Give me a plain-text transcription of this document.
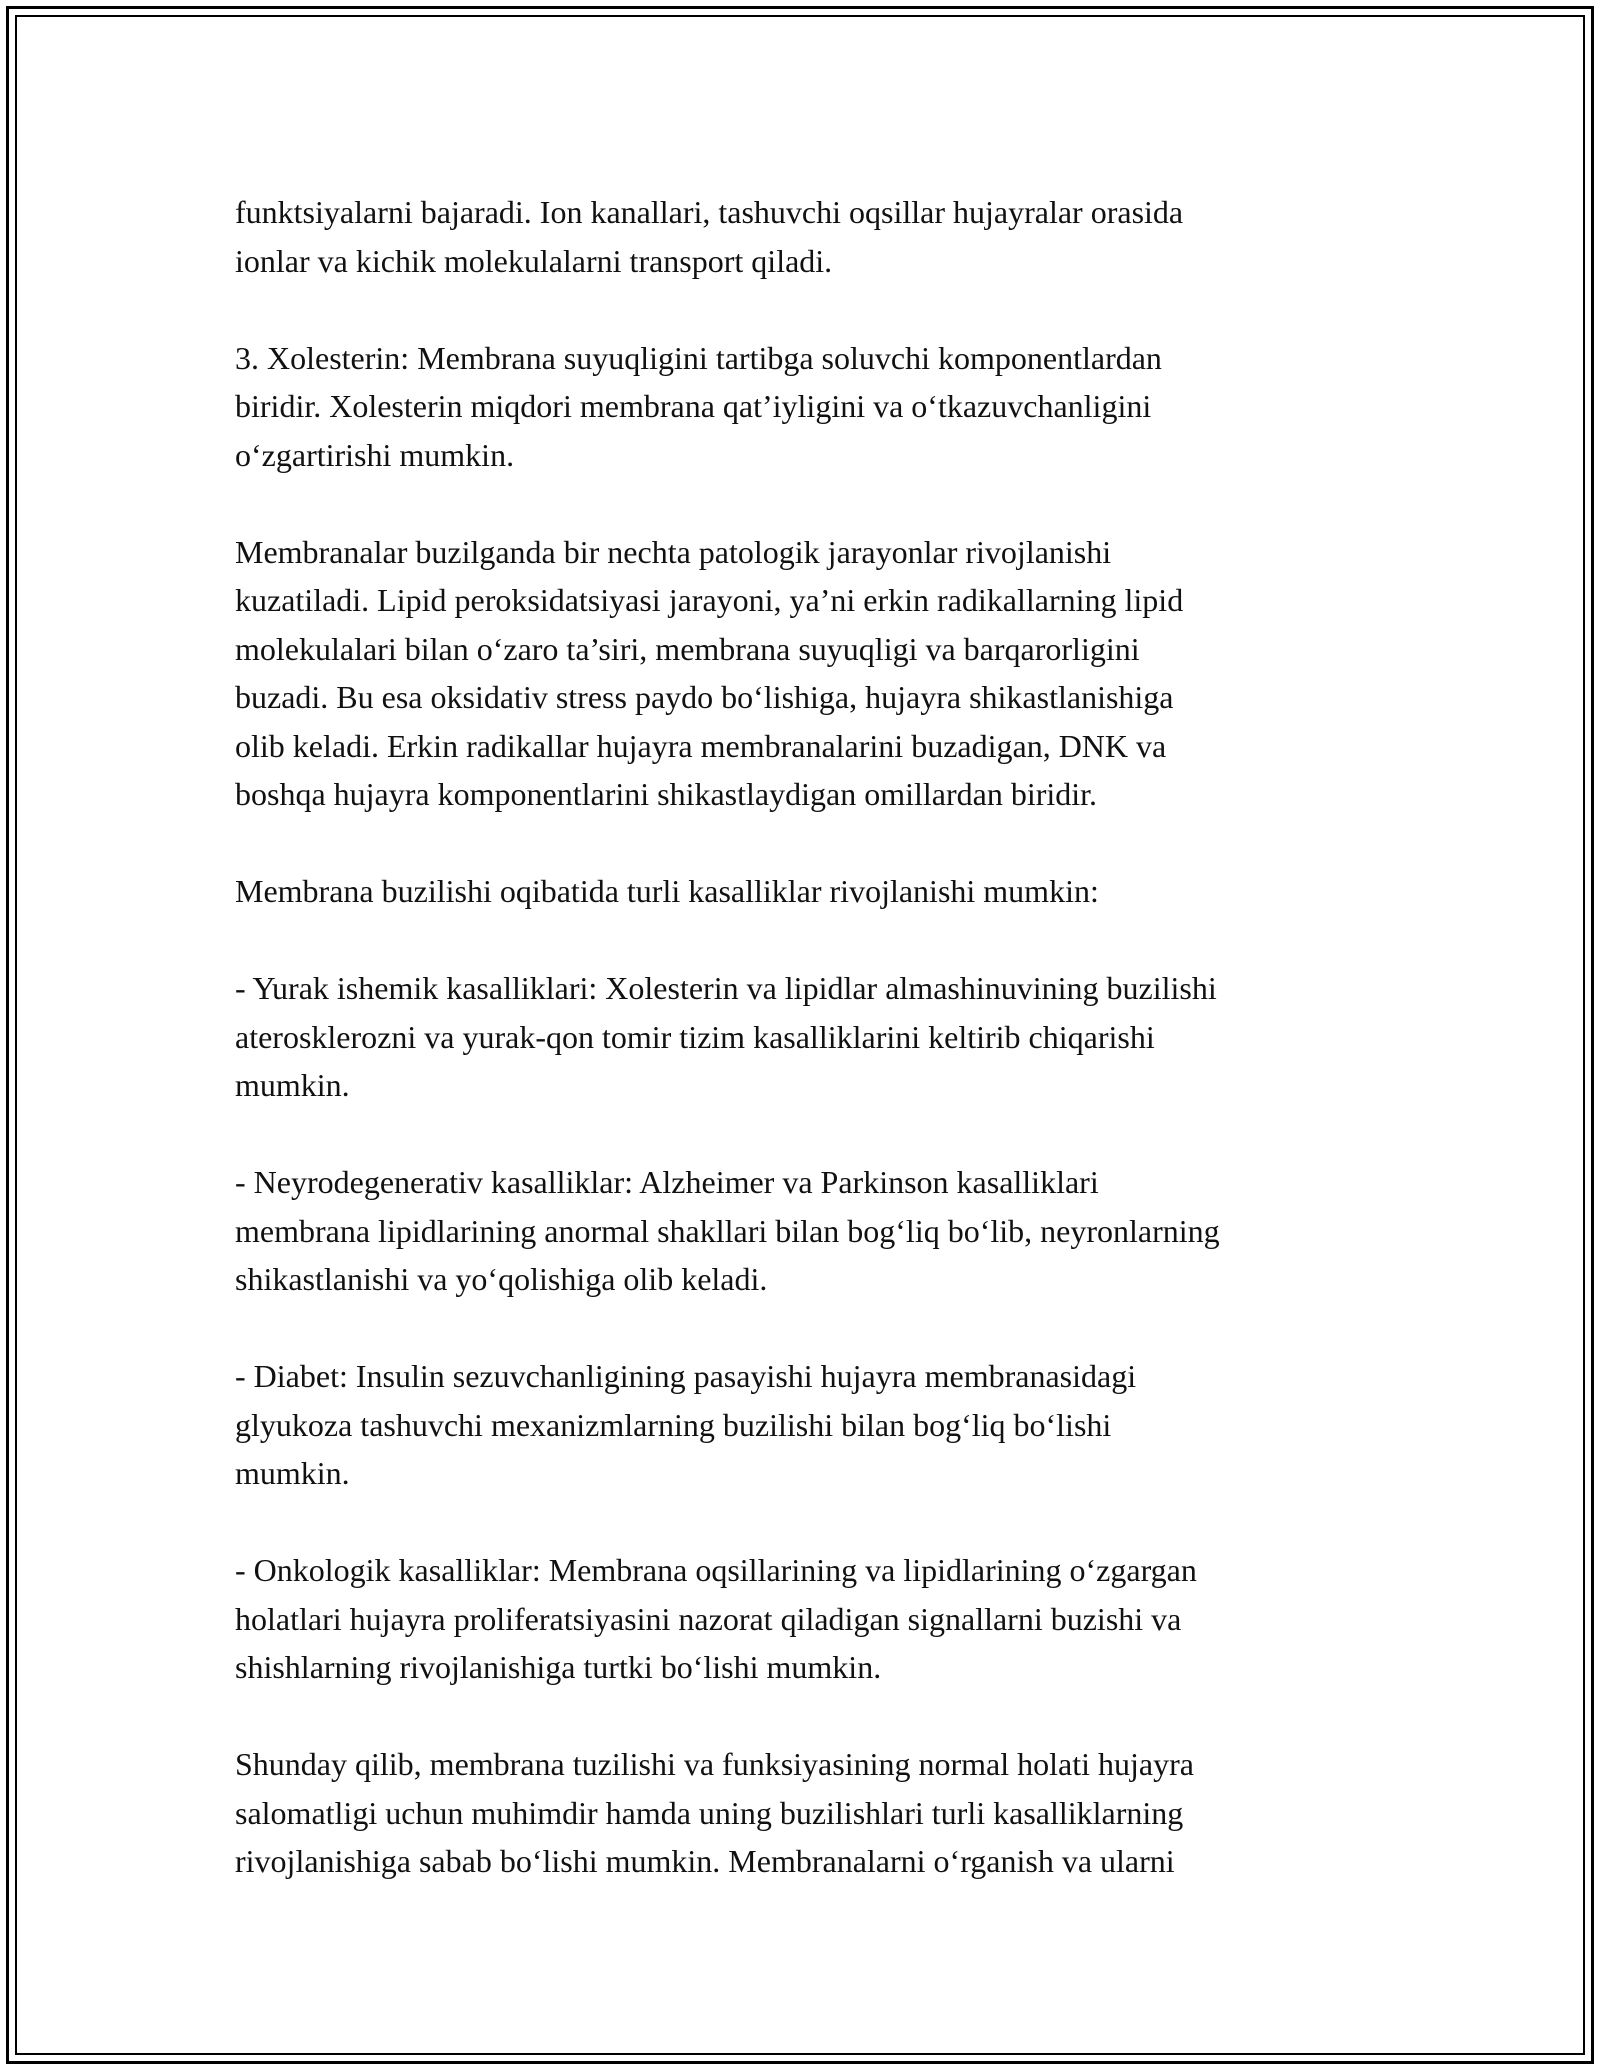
funktsiyalarni bajaradi. Ion kanallari, tashuvchi oqsillar hujayralar orasida
ionlar va kichik molekulalarni transport qiladi.

3. Xolesterin: Membrana suyuqligini tartibga soluvchi komponentlardan
biridir. Xolesterin miqdori membrana qat’iyligini va o‘tkazuvchanligini
o‘zgartirishi mumkin.

Membranalar buzilganda bir nechta patologik jarayonlar rivojlanishi
kuzatiladi. Lipid peroksidatsiyasi jarayoni, ya’ni erkin radikallarning lipid
molekulalari bilan o‘zaro ta’siri, membrana suyuqligi va barqarorligini
buzadi. Bu esa oksidativ stress paydo bo‘lishiga, hujayra shikastlanishiga
olib keladi. Erkin radikallar hujayra membranalarini buzadigan, DNK va
boshqa hujayra komponentlarini shikastlaydigan omillardan biridir.

Membrana buzilishi oqibatida turli kasalliklar rivojlanishi mumkin:

- Yurak ishemik kasalliklari: Xolesterin va lipidlar almashinuvining buzilishi
aterosklerozni va yurak-qon tomir tizim kasalliklarini keltirib chiqarishi
mumkin.

- Neyrodegenerativ kasalliklar: Alzheimer va Parkinson kasalliklari
membrana lipidlarining anormal shakllari bilan bog‘liq bo‘lib, neyronlarning
shikastlanishi va yo‘qolishiga olib keladi.

- Diabet: Insulin sezuvchanligining pasayishi hujayra membranasidagi
glyukoza tashuvchi mexanizmlarning buzilishi bilan bog‘liq bo‘lishi
mumkin.

- Onkologik kasalliklar: Membrana oqsillarining va lipidlarining o‘zgargan
holatlari hujayra proliferatsiyasini nazorat qiladigan signallarni buzishi va
shishlarning rivojlanishiga turtki bo‘lishi mumkin.

Shunday qilib, membrana tuzilishi va funksiyasining normal holati hujayra
salomatligi uchun muhimdir hamda uning buzilishlari turli kasalliklarning
rivojlanishiga sabab bo‘lishi mumkin. Membranalarni o‘rganish va ularni
